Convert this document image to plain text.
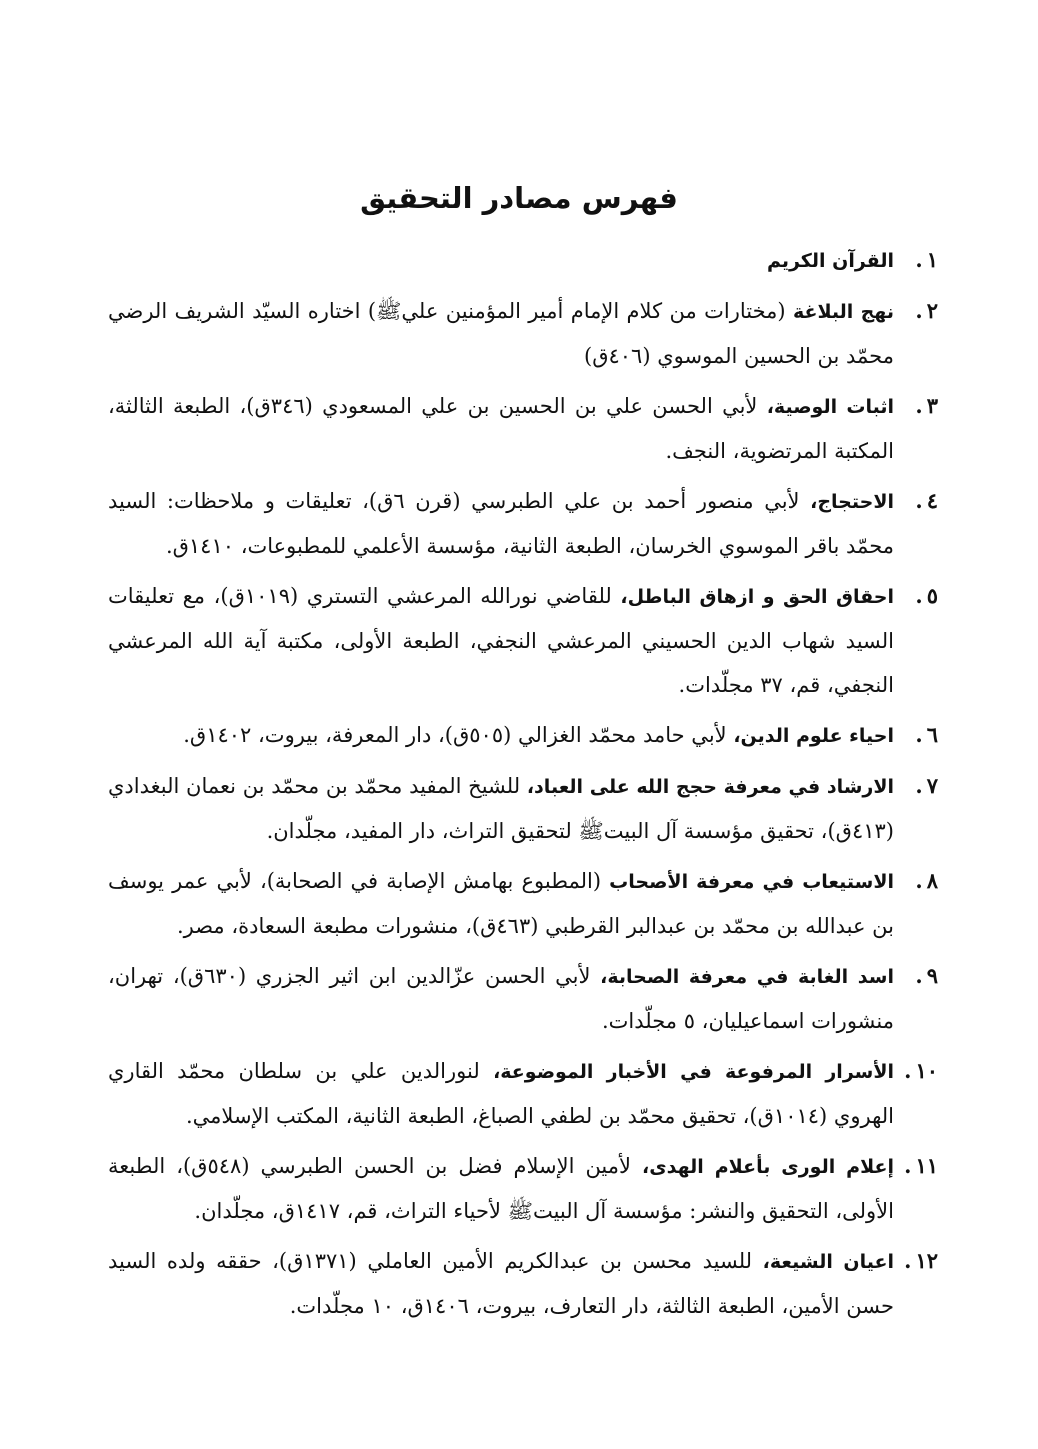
فهرس مصادر التحقيق
١.
القرآن الكريم
٢.
نهج البلاغة (مختارات من كلام الإمام أمير المؤمنين علي‌ﷺ) اختاره السيّد الشريف الرضي محمّد بن الحسين الموسوي (٤٠٦ق)
٣.
اثبات الوصية، لأبي الحسن علي بن الحسين بن علي المسعودي (٣٤٦ق)، الطبعة الثالثة، المكتبة المرتضوية، النجف.
٤.
الاحتجاج، لأبي منصور أحمد بن علي الطبرسي (قرن ٦ق)، تعليقات و ملاحظات: السيد محمّد باقر الموسوي الخرسان، الطبعة الثانية، مؤسسة الأعلمي للمطبوعات، ١٤١٠ق.
٥.
احقاق الحق و ازهاق الباطل، للقاضي نورالله المرعشي التستري (١٠١٩ق)، مع تعليقات السيد شهاب الدين الحسيني المرعشي النجفي، الطبعة الأولى، مكتبة آية الله المرعشي النجفي، قم، ٣٧ مجلّدات.
٦.
احياء علوم الدين، لأبي حامد محمّد الغزالي (٥٠٥ق)، دار المعرفة، بيروت، ١٤٠٢ق.
٧.
الارشاد في معرفة حجج الله على العباد، للشيخ المفيد محمّد بن محمّد بن نعمان البغدادي (٤١٣ق)، تحقيق مؤسسة آل البيت‌ﷺ لتحقيق التراث، دار المفيد، مجلّدان.
٨.
الاستيعاب في معرفة الأصحاب (المطبوع بهامش الإصابة في الصحابة)، لأبي عمر يوسف بن عبدالله بن محمّد بن عبدالبر القرطبي (٤٦٣ق)، منشورات مطبعة السعادة، مصر.
٩.
اسد الغابة في معرفة الصحابة، لأبي الحسن عزّالدين ابن اثير الجزري (٦٣٠ق)، تهران، منشورات اسماعيليان، ٥ مجلّدات.
١٠.
الأسرار المرفوعة في الأخبار الموضوعة، لنورالدين علي بن سلطان محمّد القاري الهروي (١٠١٤ق)، تحقيق محمّد بن لطفي الصباغ، الطبعة الثانية، المكتب الإسلامي.
١١.
إعلام الورى بأعلام الهدى، لأمين الإسلام فضل بن الحسن الطبرسي (٥٤٨ق)، الطبعة الأولى، التحقيق والنشر: مؤسسة آل البيت‌ﷺ لأحياء التراث، قم، ١٤١٧ق، مجلّدان.
١٢.
اعيان الشيعة، للسيد محسن بن عبدالكريم الأمين العاملي (١٣٧١ق)، حققه ولده السيد حسن الأمين، الطبعة الثالثة، دار التعارف، بيروت، ١٤٠٦ق، ١٠ مجلّدات.
